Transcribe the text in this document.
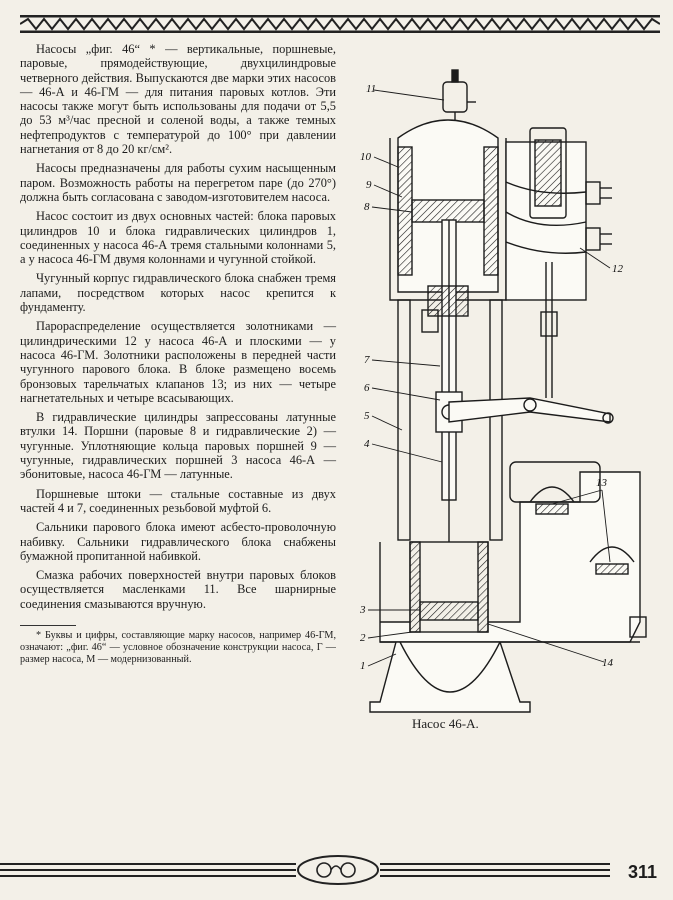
Насосы „фиг. 46“ * — вертикальные, поршневые, паровые, прямодействующие, двухцилиндровые четверного действия. Выпускаются две марки этих насосов — 46-А и 46-ГМ — для питания паровых котлов. Эти насосы также могут быть использованы для подачи от 5,5 до 53 м³/час пресной и соленой воды, а также темных нефтепродуктов с температурой до 100° при давлении нагнетания от 8 до 20 кг/см².

Насосы предназначены для работы сухим насыщенным паром. Возможность работы на перегретом паре (до 270°) должна быть согласована с заводом-изготовителем насоса.

Насос состоит из двух основных частей: блока паровых цилиндров 10 и блока гидравлических цилиндров 1, соединенных у насоса 46-А тремя стальными колоннами 5, а у насоса 46-ГМ двумя колоннами и чугунной стойкой.

Чугунный корпус гидравлического блока снабжен тремя лапами, посредством которых насос крепится к фундаменту.

Парораспределение осуществляется золотниками — цилиндрическими 12 у насоса 46-А и плоскими — у насоса 46-ГМ. Золотники расположены в передней части чугунного парового блока. В блоке размещено восемь бронзовых тарельчатых клапанов 13; из них — четыре нагнетательных и четыре всасывающих.

В гидравлические цилиндры запрессованы латунные втулки 14. Поршни (паровые 8 и гидравлические 2) — чугунные. Уплотняющие кольца паровых поршней 9 — чугунные, гидравлических поршней 3 насоса 46-А — эбонитовые, насоса 46-ГМ — латунные.

Поршневые штоки — стальные составные из двух частей 4 и 7, соединенных резьбовой муфтой 6.

Сальники парового блока имеют асбесто-проволочную набивку. Сальники гидравлического блока снабжены бумажной пропитанной набивкой.

Смазка рабочих поверхностей внутри паровых блоков осуществляется масленками 11. Все шарнирные соединения смазываются вручную.

* Буквы и цифры, составляющие марку насосов, например 46-ГМ, означают: „фиг. 46“ — условное обозначение конструкции насоса, Г — размер насоса, М — модернизованный.

11
10
9
8
7
6
5
4
3
2
1
12
13
14
Насос 46-А.
311
